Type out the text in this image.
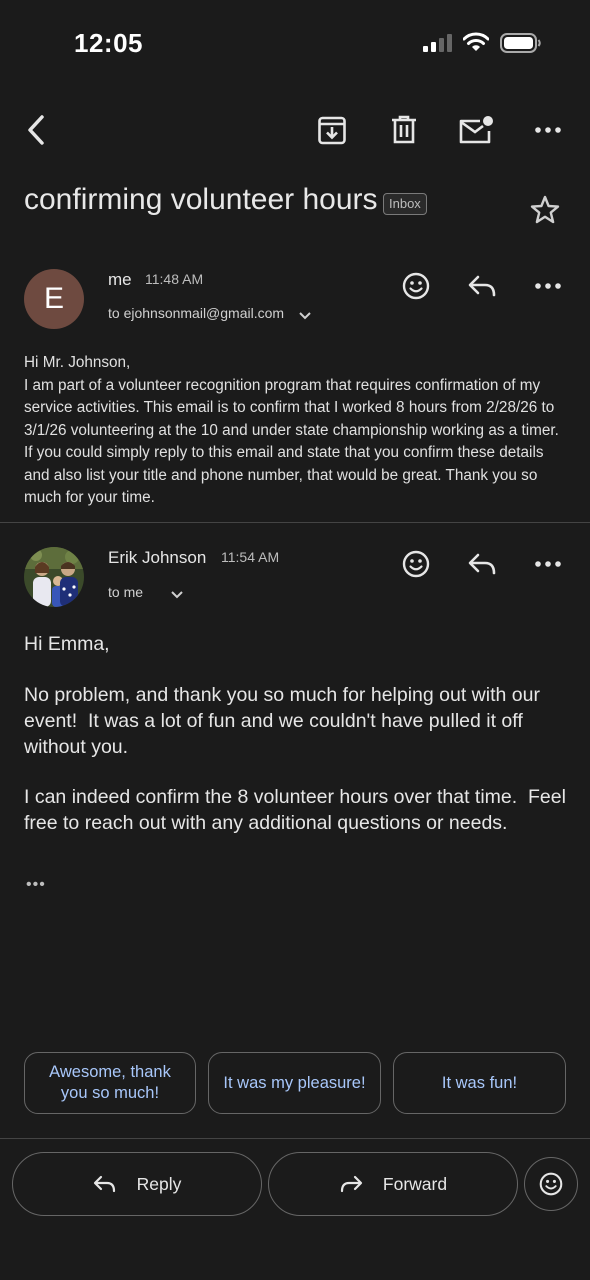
12:05
confirming volunteer hours Inbox
E
me 11:48 AM
to ejohnsonmail@gmail.com
Hi Mr. Johnson,
I am part of a volunteer recognition program that requires confirmation of my service activities. This email is to confirm that I worked 8 hours from 2/28/26 to 3/1/26 volunteering at the 10 and under state championship working as a timer. If you could simply reply to this email and state that you confirm these details and also list your title and phone number, that would be great. Thank you so much for your time.
Erik Johnson 11:54 AM
to me
Hi Emma,
No problem, and thank you so much for helping out with our event!  It was a lot of fun and we couldn't have pulled it off without you.
I can indeed confirm the 8 volunteer hours over that time.  Feel free to reach out with any additional questions or needs.
•••
Awesome, thank you so much!
It was my pleasure!	It was fun!
Reply	Forward
